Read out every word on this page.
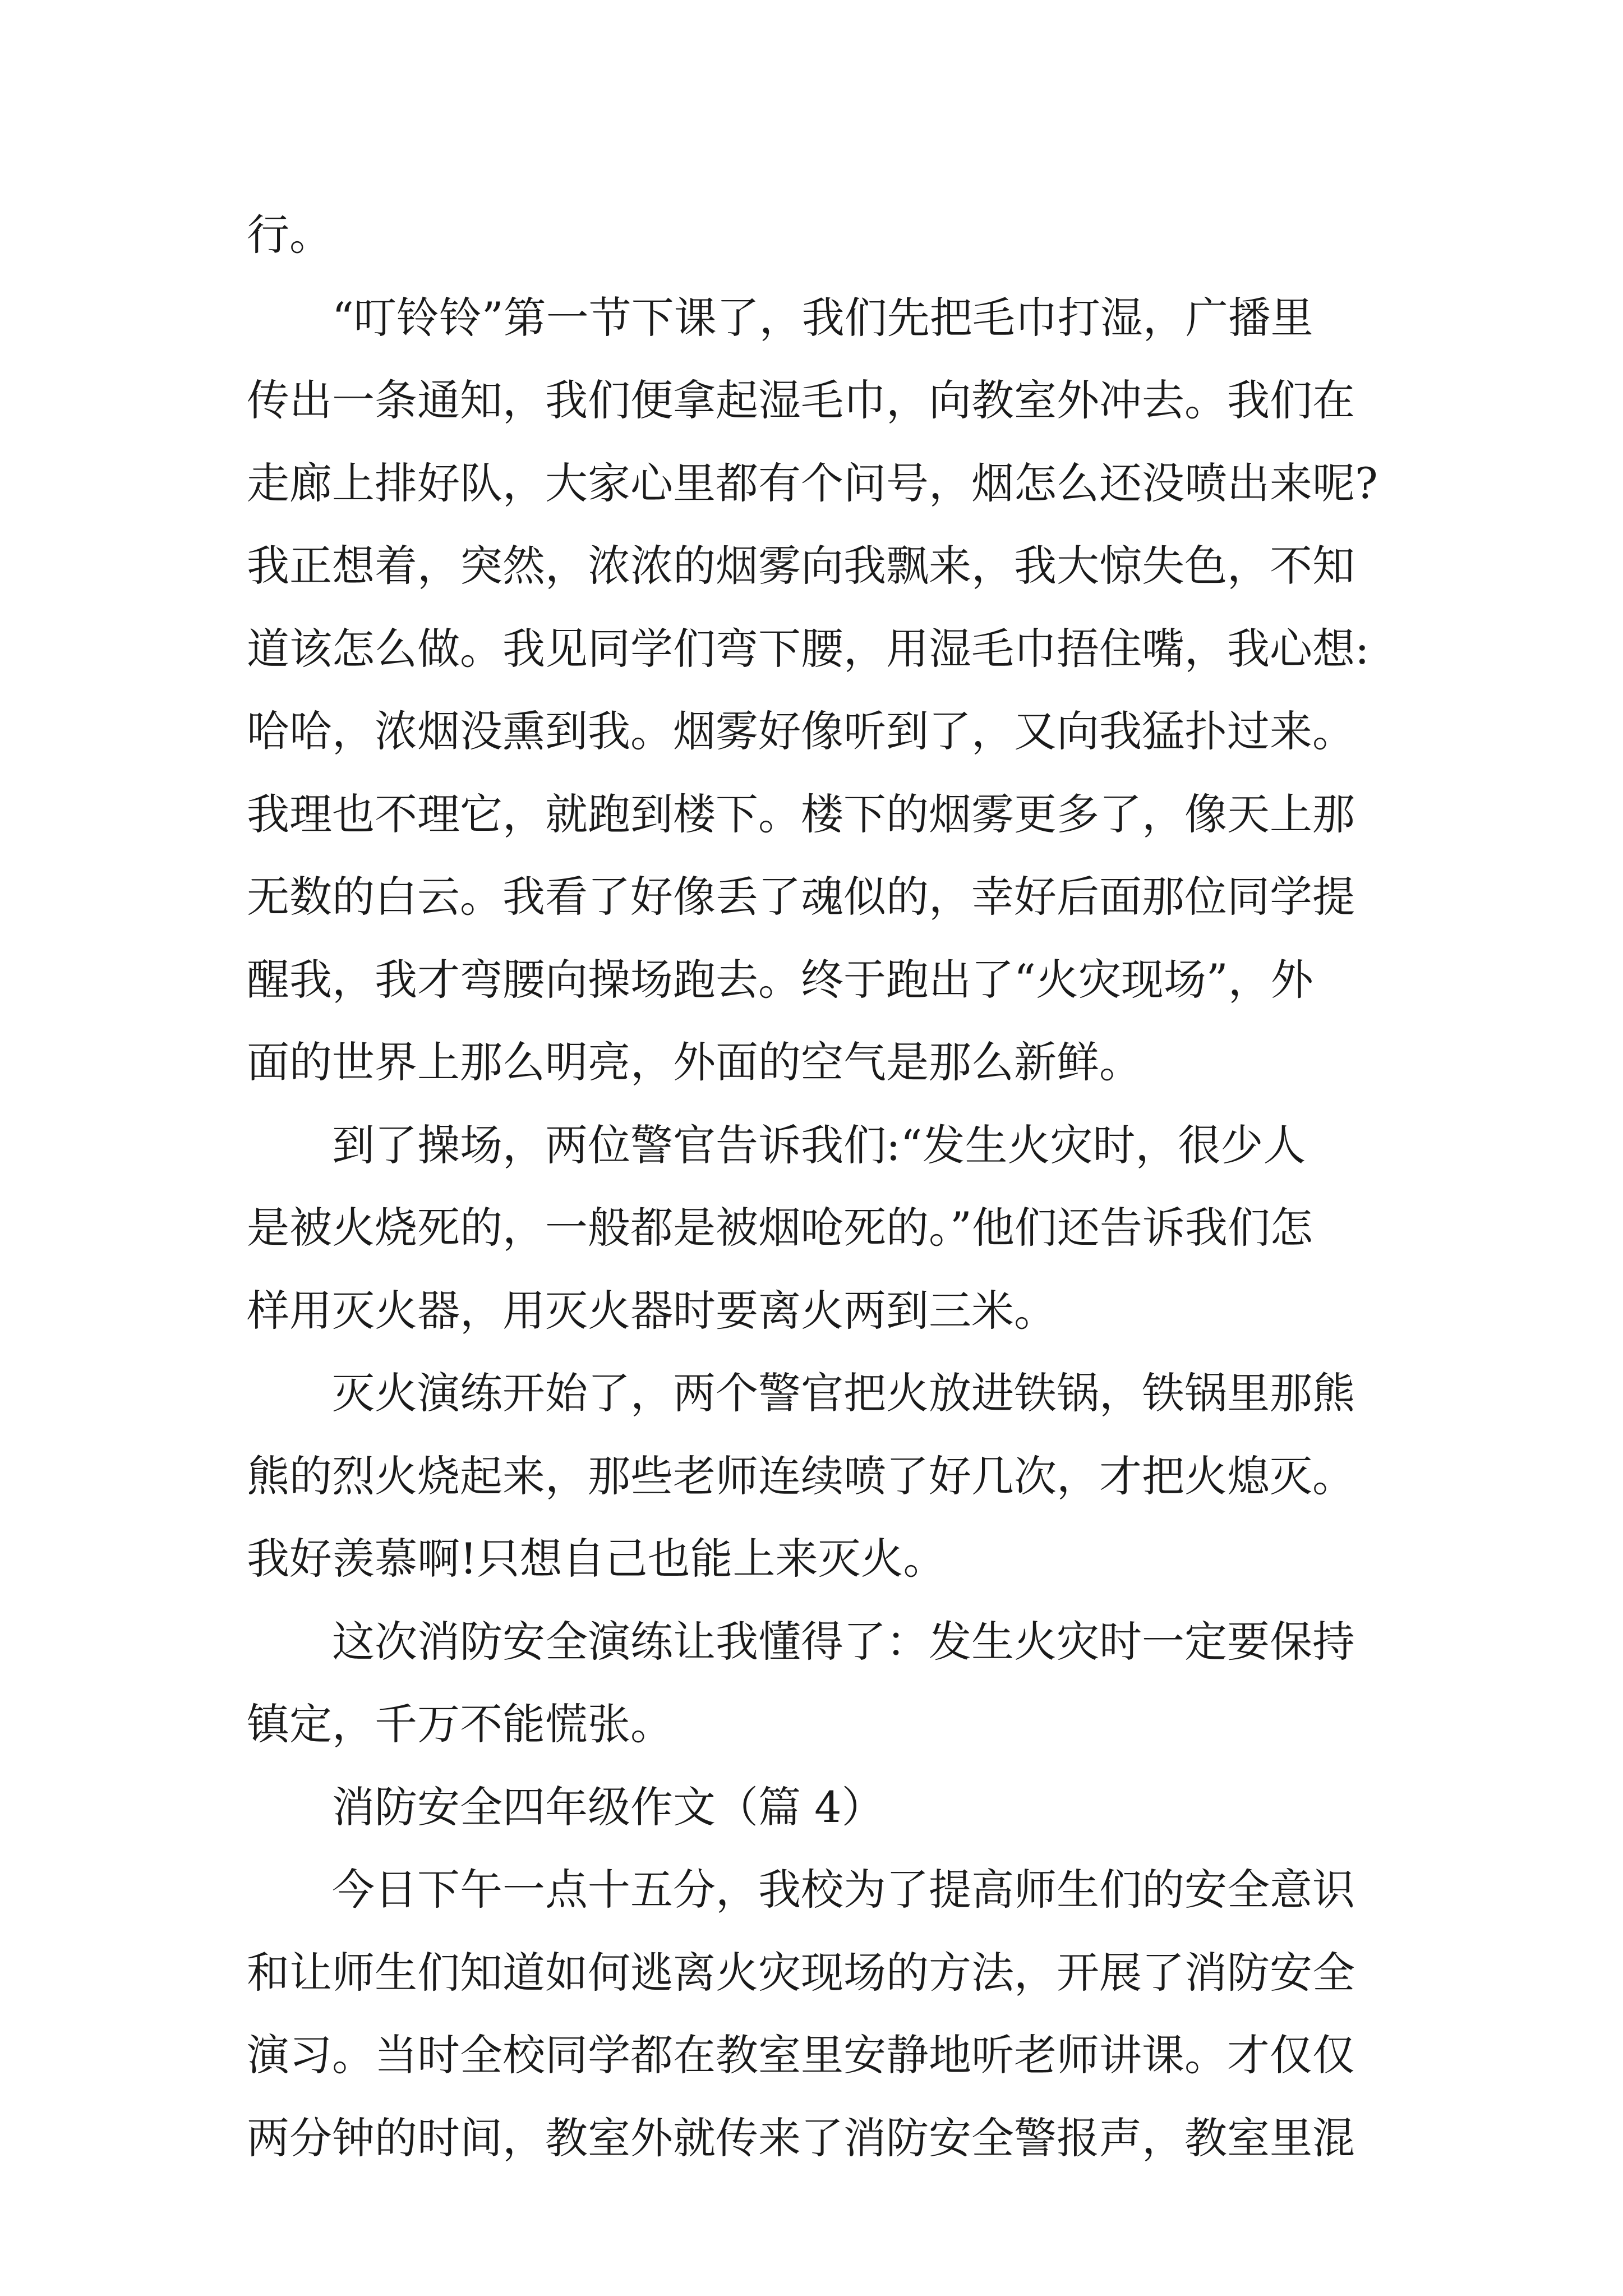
行。
“叮铃铃”第一节下课了，我们先把毛巾打湿，广播里
传出一条通知，我们便拿起湿毛巾，向教室外冲去。我们在
走廊上排好队，大家心里都有个问号，烟怎么还没喷出来呢?
我正想着，突然，浓浓的烟雾向我飘来，我大惊失色，不知
道该怎么做。我见同学们弯下腰，用湿毛巾捂住嘴，我心想:
哈哈，浓烟没熏到我。烟雾好像听到了，又向我猛扑过来。
我理也不理它，就跑到楼下。楼下的烟雾更多了，像天上那
无数的白云。我看了好像丢了魂似的，幸好后面那位同学提
醒我，我才弯腰向操场跑去。终于跑出了“火灾现场”，外
面的世界上那么明亮，外面的空气是那么新鲜。
到了操场，两位警官告诉我们:“发生火灾时，很少人
是被火烧死的，一般都是被烟呛死的。”他们还告诉我们怎
样用灭火器，用灭火器时要离火两到三米。
灭火演练开始了，两个警官把火放进铁锅，铁锅里那熊
熊的烈火烧起来，那些老师连续喷了好几次，才把火熄灭。
我好羡慕啊!只想自己也能上来灭火。
这次消防安全演练让我懂得了：发生火灾时一定要保持
镇定，千万不能慌张。
消防安全四年级作文（篇 4）
今日下午一点十五分，我校为了提高师生们的安全意识
和让师生们知道如何逃离火灾现场的方法，开展了消防安全
演习。当时全校同学都在教室里安静地听老师讲课。才仅仅
两分钟的时间，教室外就传来了消防安全警报声，教室里混
